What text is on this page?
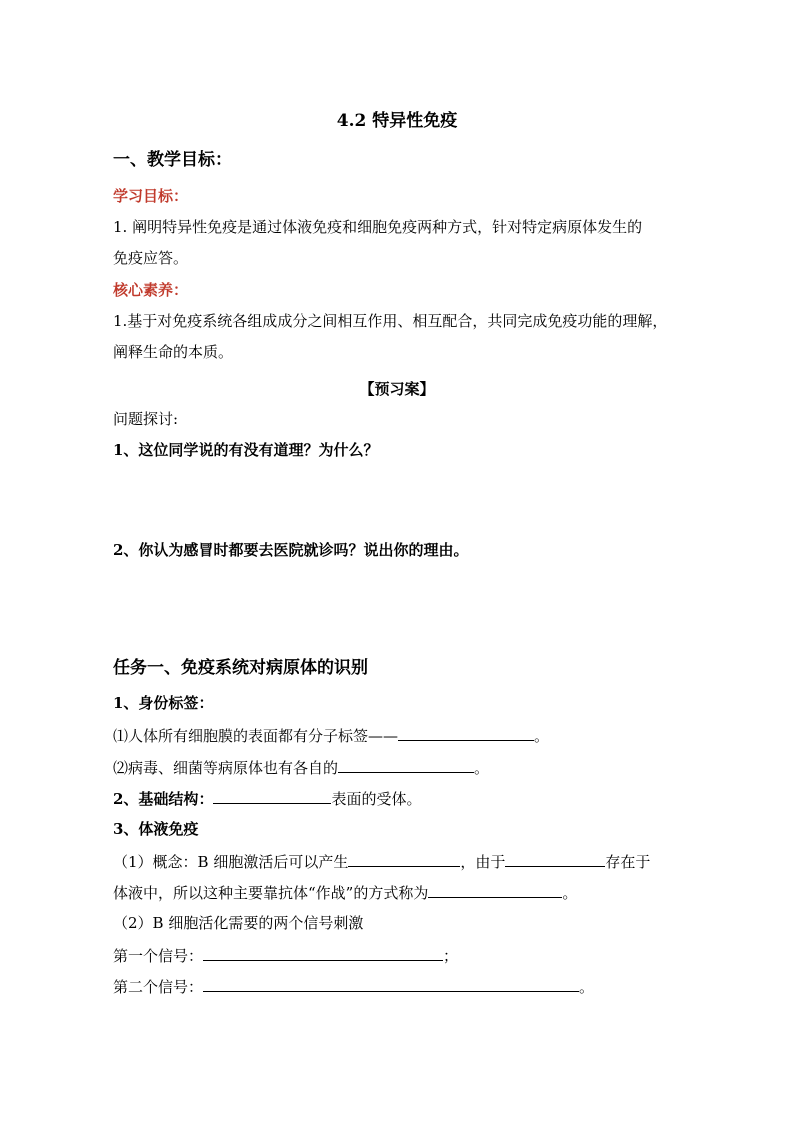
4.2 特异性免疫
一、教学目标：
学习目标：
1. 阐明特异性免疫是通过体液免疫和细胞免疫两种方式，针对特定病原体发生的
免疫应答。
核心素养：
1.基于对免疫系统各组成成分之间相互作用、相互配合，共同完成免疫功能的理解，
阐释生命的本质。
【预习案】
问题探讨:
1、这位同学说的有没有道理？为什么？
2、你认为感冒时都要去医院就诊吗？说出你的理由。
任务一、免疫系统对病原体的识别
1、身份标签：
⑴人体所有细胞膜的表面都有分子标签——	。
⑵病毒、细菌等病原体也有各自的	。
2、基础结构：	表面的受体。
3、体液免疫
（1）概念：B 细胞激活后可以产生	，由于	存在于
体液中，所以这种主要靠抗体“作战”的方式称为	。
（2）B 细胞活化需要的两个信号刺激
第一个信号：	；
第二个信号：	。
